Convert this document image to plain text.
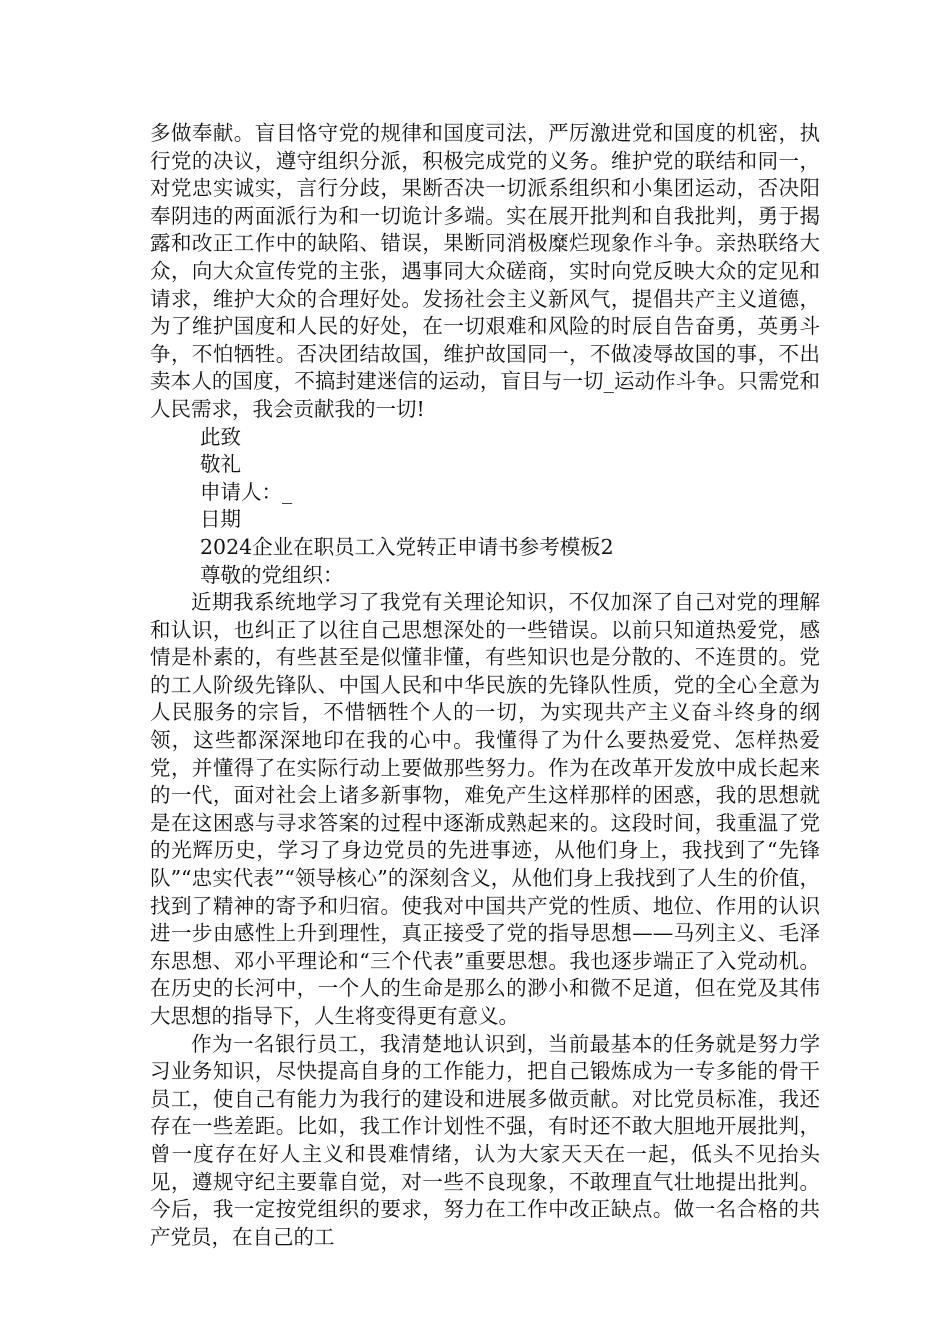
多做奉献。盲目恪守党的规律和国度司法，严厉激进党和国度的机密，执行党的决议，遵守组织分派，积极完成党的义务。维护党的联结和同一，对党忠实诚实，言行分歧，果断否决一切派系组织和小集团运动，否决阳奉阴违的两面派行为和一切诡计多端。实在展开批判和自我批判，勇于揭露和改正工作中的缺陷、错误，果断同消极糜烂现象作斗争。亲热联络大众，向大众宣传党的主张，遇事同大众磋商，实时向党反映大众的定见和请求，维护大众的合理好处。发扬社会主义新风气，提倡共产主义道德，为了维护国度和人民的好处，在一切艰难和风险的时辰自告奋勇，英勇斗争，不怕牺牲。否决团结故国，维护故国同一，不做凌辱故国的事，不出卖本人的国度，不搞封建迷信的运动，盲目与一切_运动作斗争。只需党和人民需求，我会贡献我的一切!

此致

敬礼

申请人：_

日期

2024企业在职员工入党转正申请书参考模板2

尊敬的党组织：

近期我系统地学习了我党有关理论知识，不仅加深了自己对党的理解和认识，也纠正了以往自己思想深处的一些错误。以前只知道热爱党，感情是朴素的，有些甚至是似懂非懂，有些知识也是分散的、不连贯的。党的工人阶级先锋队、中国人民和中华民族的先锋队性质，党的全心全意为人民服务的宗旨，不惜牺牲个人的一切，为实现共产主义奋斗终身的纲领，这些都深深地印在我的心中。我懂得了为什么要热爱党、怎样热爱党，并懂得了在实际行动上要做那些努力。作为在改革开发放中成长起来的一代，面对社会上诸多新事物，难免产生这样那样的困惑，我的思想就是在这困惑与寻求答案的过程中逐渐成熟起来的。这段时间，我重温了党的光辉历史，学习了身边党员的先进事迹，从他们身上，我找到了“先锋队”“忠实代表”“领导核心”的深刻含义，从他们身上我找到了人生的价值，找到了精神的寄予和归宿。使我对中国共产党的性质、地位、作用的认识进一步由感性上升到理性，真正接受了党的指导思想——马列主义、毛泽东思想、邓小平理论和“三个代表”重要思想。我也逐步端正了入党动机。在历史的长河中，一个人的生命是那么的渺小和微不足道，但在党及其伟大思想的指导下，人生将变得更有意义。

作为一名银行员工，我清楚地认识到，当前最基本的任务就是努力学习业务知识，尽快提高自身的工作能力，把自己锻炼成为一专多能的骨干员工，使自己有能力为我行的建设和进展多做贡献。对比党员标准，我还存在一些差距。比如，我工作计划性不强，有时还不敢大胆地开展批判，曾一度存在好人主义和畏难情绪，认为大家天天在一起，低头不见抬头见，遵规守纪主要靠自觉，对一些不良现象，不敢理直气壮地提出批判。今后，我一定按党组织的要求，努力在工作中改正缺点。做一名合格的共产党员，在自己的工
